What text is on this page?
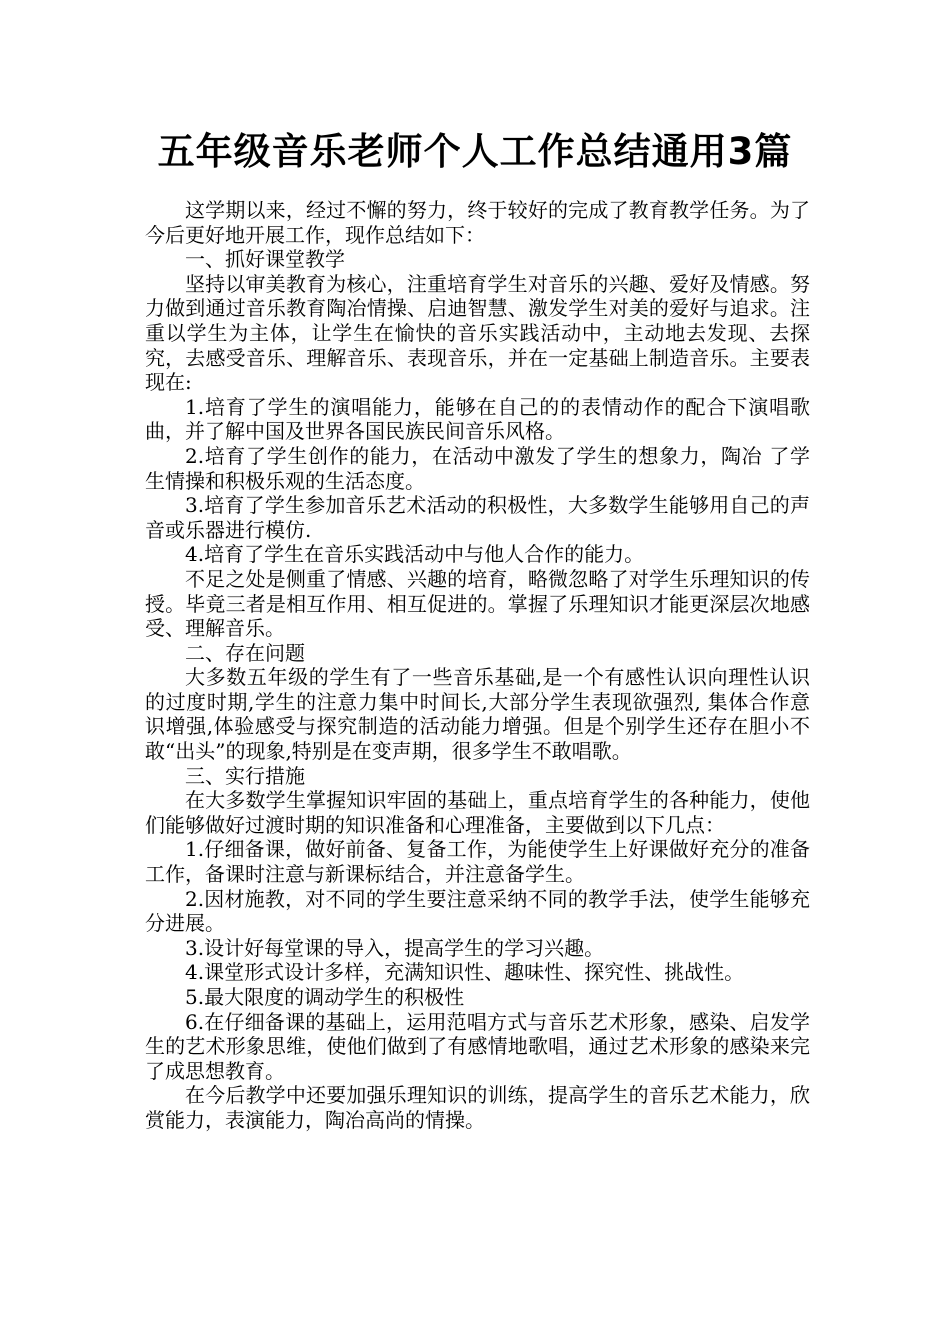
五年级音乐老师个人工作总结通用3篇

这学期以来，经过不懈的努力，终于较好的完成了教育教学任务。为了今后更好地开展工作，现作总结如下：

一、抓好课堂教学

坚持以审美教育为核心，注重培育学生对音乐的兴趣、爱好及情感。努力做到通过音乐教育陶冶情操、启迪智慧、激发学生对美的爱好与追求。注重以学生为主体，让学生在愉快的音乐实践活动中，主动地去发现、去探究，去感受音乐、理解音乐、表现音乐，并在一定基础上制造音乐。主要表现在:

1.培育了学生的演唱能力，能够在自己的的表情动作的配合下演唱歌曲，并了解中国及世界各国民族民间音乐风格。

2.培育了学生创作的能力，在活动中激发了学生的想象力，陶冶 了学生情操和积极乐观的生活态度。

3.培育了学生参加音乐艺术活动的积极性，大多数学生能够用自己的声音或乐器进行模仿.

4.培育了学生在音乐实践活动中与他人合作的能力。

不足之处是侧重了情感、兴趣的培育，略微忽略了对学生乐理知识的传授。毕竟三者是相互作用、相互促进的。掌握了乐理知识才能更深层次地感受、理解音乐。

二、存在问题

大多数五年级的学生有了一些音乐基础,是一个有感性认识向理性认识的过度时期,学生的注意力集中时间长,大部分学生表现欲强烈, 集体合作意识增强,体验感受与探究制造的活动能力增强。但是个别学生还存在胆小不敢“出头”的现象,特别是在变声期，很多学生不敢唱歌。

三、实行措施

在大多数学生掌握知识牢固的基础上，重点培育学生的各种能力，使他们能够做好过渡时期的知识准备和心理准备，主要做到以下几点：

1.仔细备课，做好前备、复备工作，为能使学生上好课做好充分的准备工作，备课时注意与新课标结合，并注意备学生。

2.因材施教，对不同的学生要注意采纳不同的教学手法，使学生能够充分进展。

3.设计好每堂课的导入，提高学生的学习兴趣。

4.课堂形式设计多样，充满知识性、趣味性、探究性、挑战性。

5.最大限度的调动学生的积极性

6.在仔细备课的基础上，运用范唱方式与音乐艺术形象，感染、启发学生的艺术形象思维，使他们做到了有感情地歌唱，通过艺术形象的感染来完了成思想教育。

在今后教学中还要加强乐理知识的训练，提高学生的音乐艺术能力，欣赏能力，表演能力，陶冶高尚的情操。
